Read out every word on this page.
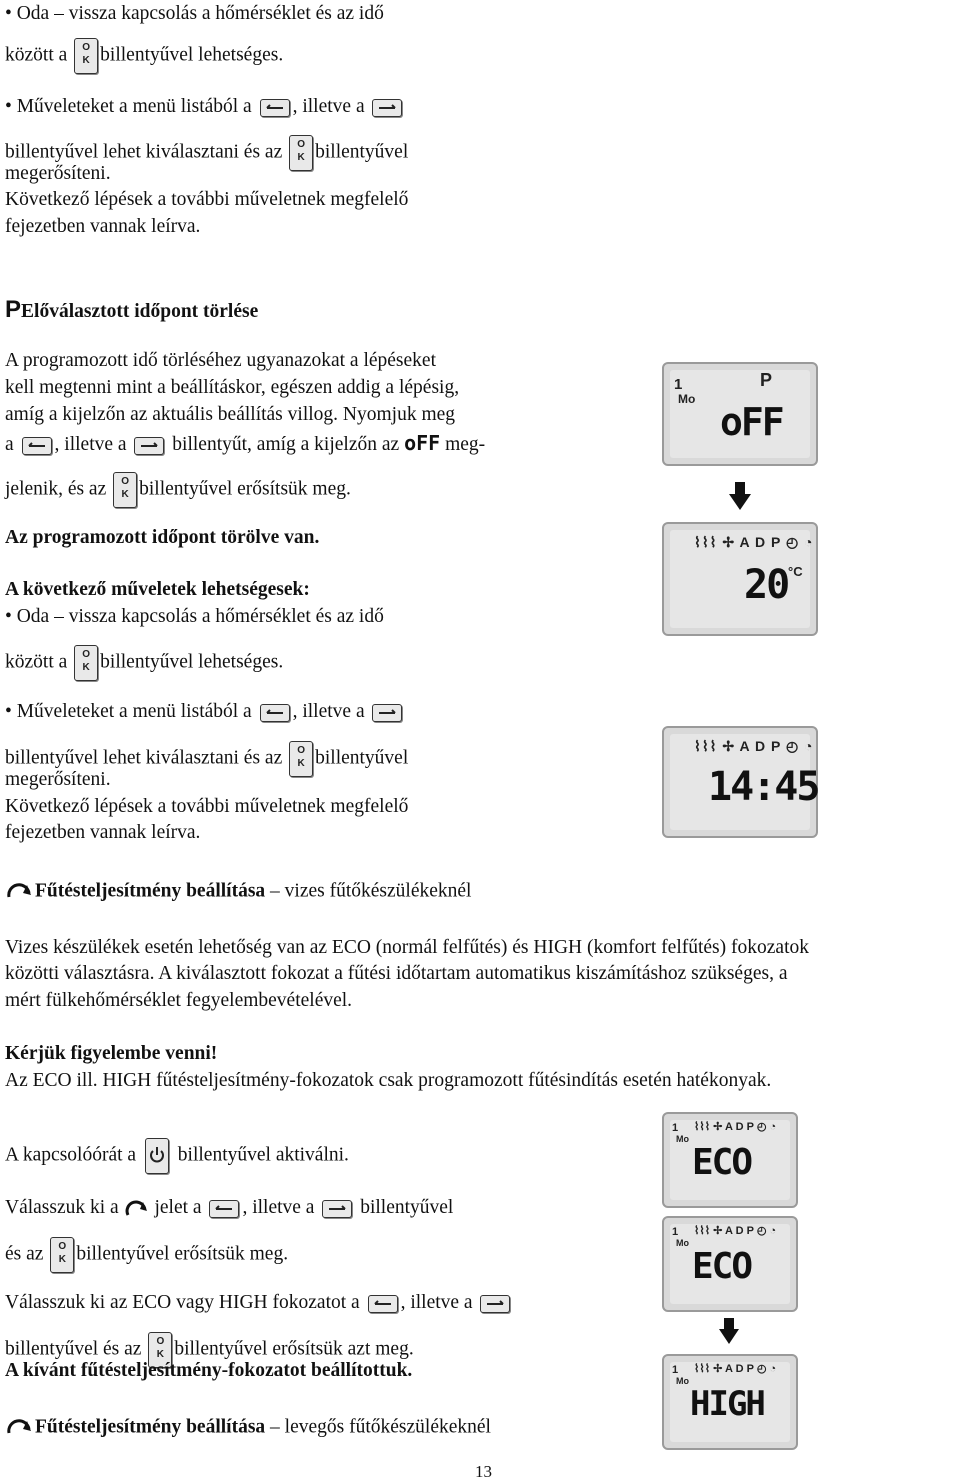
• Oda – vissza kapcsolás a hőmérséklet és az idő
között a	O
K billentyűvel lehetséges.
• Műveleteket a menü listából a , illetve a
billentyűvel lehet kiválasztani és az	O
K billentyűvel
megerősíteni.
Következő lépések a további műveletnek megfelelő
fejezetben vannak leírva.
PElőválasztott időpont törlése
A programozott idő törléséhez ugyanazokat a lépéseket
kell megtenni mint a beállításkor, egészen addig a lépésig,
amíg a kijelzőn az aktuális beállítás villog. Nyomjuk meg
a , illetve a billentyűt, amíg a kijelzőn az oFF meg-
jelenik, és az	O
K billentyűvel erősítsük meg.
Az programozott időpont törölve van.
A következő műveletek lehetségesek:
• Oda – vissza kapcsolás a hőmérséklet és az idő
között a	O
K billentyűvel lehetséges.
• Műveleteket a menü listából a , illetve a
billentyűvel lehet kiválasztani és az	O
K billentyűvel
megerősíteni.
Következő lépések a további műveletnek megfelelő
fejezetben vannak leírva.
1
Mo
P
oFF
⌇⌇⌇ ✢ A D P ◴ ◔
20 °C
⌇⌇⌇ ✢ A D P ◴ ◔
14:45
Fűtésteljesítmény beállítása – vizes fűtőkészülékeknél
Vizes készülékek esetén lehetőség van az ECO (normál felfűtés) és HIGH (komfort felfűtés) fokozatok
közötti választásra. A kiválasztott fokozat a fűtési időtartam automatikus kiszámításhoz szükséges, a
mért fülkehőmérséklet fegyelembevételével.
Kérjük figyelembe venni!
Az ECO ill. HIGH fűtésteljesítmény-fokozatok csak programozott fűtésindítás esetén hatékonyak.
A kapcsolóórát a billentyűvel aktiválni.
Válasszuk ki a jelet a , illetve a billentyűvel
és az	O
K billentyűvel erősítsük meg.
Válasszuk ki az ECO vagy HIGH fokozatot a , illetve a
billentyűvel és az	O
K billentyűvel erősítsük azt meg.
A kívánt fűtésteljesítmény-fokozatot beállítottuk.
1
Mo
⌇⌇⌇ ✢ A D P ◴ ◔
ECO
1
Mo
⌇⌇⌇ ✢ A D P ◴ ◔
ECO
1
Mo
⌇⌇⌇ ✢ A D P ◴ ◔
HIGH
Fűtésteljesítmény beállítása – levegős fűtőkészülékeknél
13
